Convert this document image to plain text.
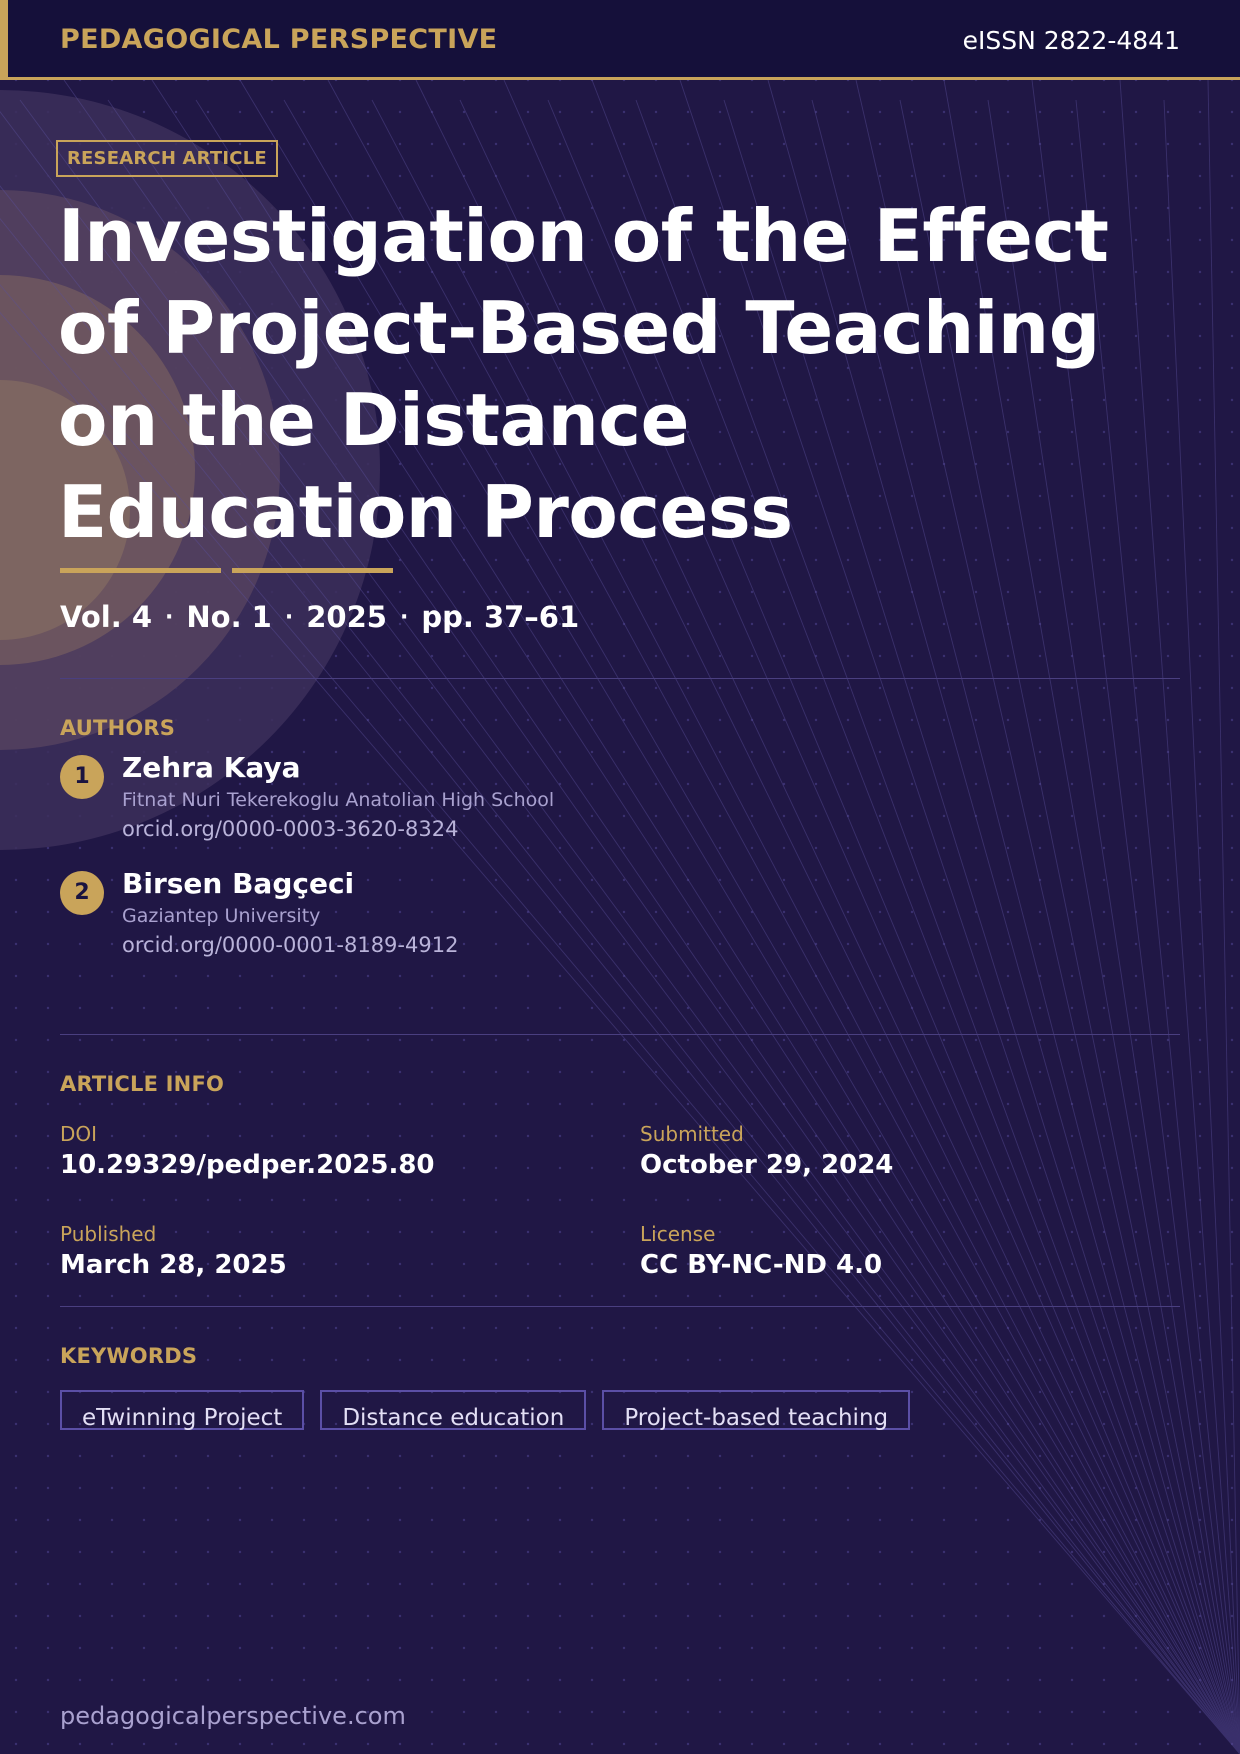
PEDAGOGICAL PERSPECTIVE	eISSN 2822-4841
RESEARCH ARTICLE
Investigation of the Effect
of Project-Based Teaching
on the Distance
Education Process
Vol. 4 · No. 1 · 2025 · pp. 37–61
AUTHORS
1	Zehra Kaya
Fitnat Nuri Tekerekoglu Anatolian High School
orcid.org/0000-0003-3620-8324
2	Birsen Bagçeci
Gaziantep University
orcid.org/0000-0001-8189-4912
ARTICLE INFO
DOI
10.29329/pedper.2025.80
Submitted
October 29, 2024
Published
March 28, 2025
License
CC BY-NC-ND 4.0
KEYWORDS
eTwinning Project	Distance education	Project-based teaching
pedagogicalperspective.com
